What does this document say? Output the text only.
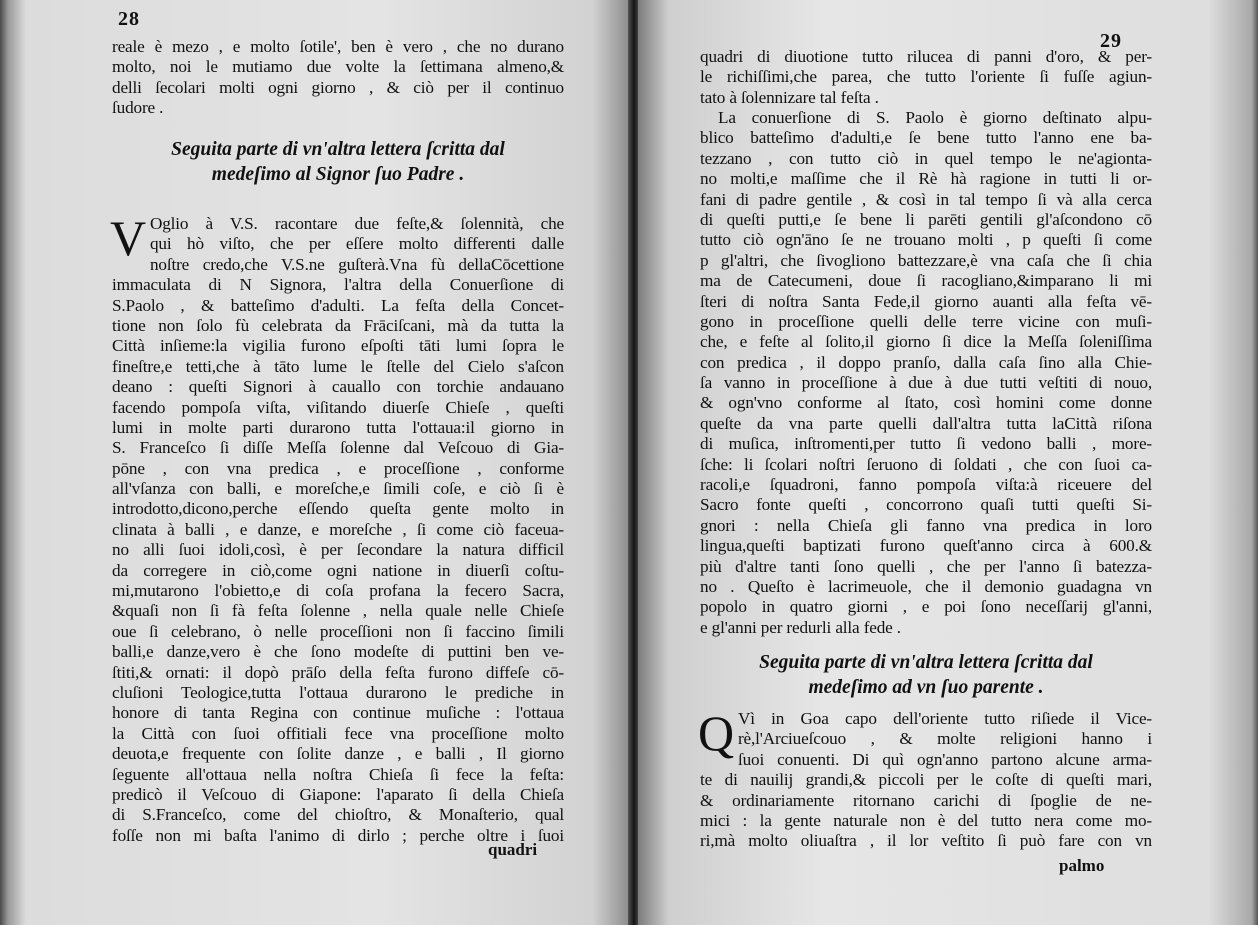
28
reale è mezo , e molto ſotile', ben è vero , che no durano
molto, noi le mutiamo due volte la ſettimana almeno,&
delli ſecolari molti ogni giorno , & ciò per il continuo
ſudore .
Seguita parte di vn'altra lettera ſcritta dal
medeſimo al Signor ſuo Padre .
V Oglio à V.S. racontare due feſte,& ſolennità, che
qui hò viſto, che per eſſere molto differenti dalle
noſtre credo,che V.S.ne guſterà.Vna fù dellaCōcettione
immaculata di N Signora, l'altra della Conuerſione di
S.Paolo , & batteſimo d'adulti. La feſta della Concet-
tione non ſolo fù celebrata da Frāciſcani, mà da tutta la
Città inſieme:la vigilia furono eſpoſti tāti lumi ſopra le
fineſtre,e tetti,che à tāto lume le ſtelle del Cielo s'aſcon
deano : queſti Signori à cauallo con torchie andauano
facendo pompoſa viſta, viſitando diuerſe Chieſe , queſti
lumi in molte parti durarono tutta l'ottaua:il giorno in
S. Franceſco ſi diſſe Meſſa ſolenne dal Veſcouo di Gia-
pōne , con vna predica , e proceſſione , conforme
all'vſanza con balli, e moreſche,e ſimili coſe, e ciò ſi è
introdotto,dicono,perche eſſendo queſta gente molto in
clinata à balli , e danze, e moreſche , ſi come ciò faceua-
no alli ſuoi idoli,così, è per ſecondare la natura difficil
da corregere in ciò,come ogni natione in diuerſi coſtu-
mi,mutarono l'obietto,e di coſa profana la fecero Sacra,
&quaſi non ſi fà feſta ſolenne , nella quale nelle Chieſe
oue ſi celebrano, ò nelle proceſſioni non ſi faccino ſimili
balli,e danze,vero è che ſono modeſte di puttini ben ve-
ſtiti,& ornati: il dopò prāſo della feſta furono diffeſe cō-
cluſioni Teologice,tutta l'ottaua durarono le prediche in
honore di tanta Regina con continue muſiche : l'ottaua
la Città con ſuoi offitiali fece vna proceſſione molto
deuota,e frequente con ſolite danze , e balli , Il giorno
ſeguente all'ottaua nella noſtra Chieſa ſi fece la feſta:
predicò il Veſcouo di Giapone: l'aparato ſi della Chieſa
di S.Franceſco, come del chioſtro, & Monaſterio, qual
foſſe non mi baſta l'animo di dirlo ; perche oltre i ſuoi
quadri
29
quadri di diuotione tutto rilucea di panni d'oro, & per-
le richiſſimi,che parea, che tutto l'oriente ſi fuſſe agiun-
tato à ſolennizare tal feſta .
La conuerſione di S. Paolo è giorno deſtinato alpu-
blico batteſimo d'adulti,e ſe bene tutto l'anno ene ba-
tezzano , con tutto ciò in quel tempo le ne'agionta-
no molti,e maſſime che il Rè hà ragione in tutti li or-
fani di padre gentile , & così in tal tempo ſi và alla cerca
di queſti putti,e ſe bene li parēti gentili gl'aſcondono cō
tutto ciò ogn'āno ſe ne trouano molti , p queſti ſi come
p gl'altri, che ſivogliono battezzare,è vna caſa che ſi chia
ma de Catecumeni, doue ſi racogliano,&imparano li mi
ſteri di noſtra Santa Fede,il giorno auanti alla feſta vē-
gono in proceſſione quelli delle terre vicine con muſi-
che, e feſte al ſolito,il giorno ſi dice la Meſſa ſoleniſſima
con predica , il doppo pranſo, dalla caſa ſino alla Chie-
ſa vanno in proceſſione à due à due tutti veſtiti di nouo,
& ogn'vno conforme al ſtato, così homini come donne
queſte da vna parte quelli dall'altra tutta laCittà riſona
di muſica, inſtromenti,per tutto ſi vedono balli , more-
ſche: li ſcolari noſtri ſeruono di ſoldati , che con ſuoi ca-
racoli,e ſquadroni, fanno pompoſa viſta:à riceuere del
Sacro fonte queſti , concorrono quaſi tutti queſti Si-
gnori : nella Chieſa gli fanno vna predica in loro
lingua,queſti baptizati furono queſt'anno circa à 600.&
più d'altre tanti ſono quelli , che per l'anno ſi batezza-
no . Queſto è lacrimeuole, che il demonio guadagna vn
popolo in quatro giorni , e poi ſono neceſſarij gl'anni,
e gl'anni per redurli alla fede .
Seguita parte di vn'altra lettera ſcritta dal
medeſimo ad vn ſuo parente .
Q Vì in Goa capo dell'oriente tutto riſiede il Vice-
rè,l'Arciueſcouo , & molte religioni hanno i
ſuoi conuenti. Di quì ogn'anno partono alcune arma-
te di nauilij grandi,& piccoli per le coſte di queſti mari,
& ordinariamente ritornano carichi di ſpoglie de ne-
mici : la gente naturale non è del tutto nera come mo-
ri,mà molto oliuaſtra , il lor veſtito ſi può fare con vn
palmo
